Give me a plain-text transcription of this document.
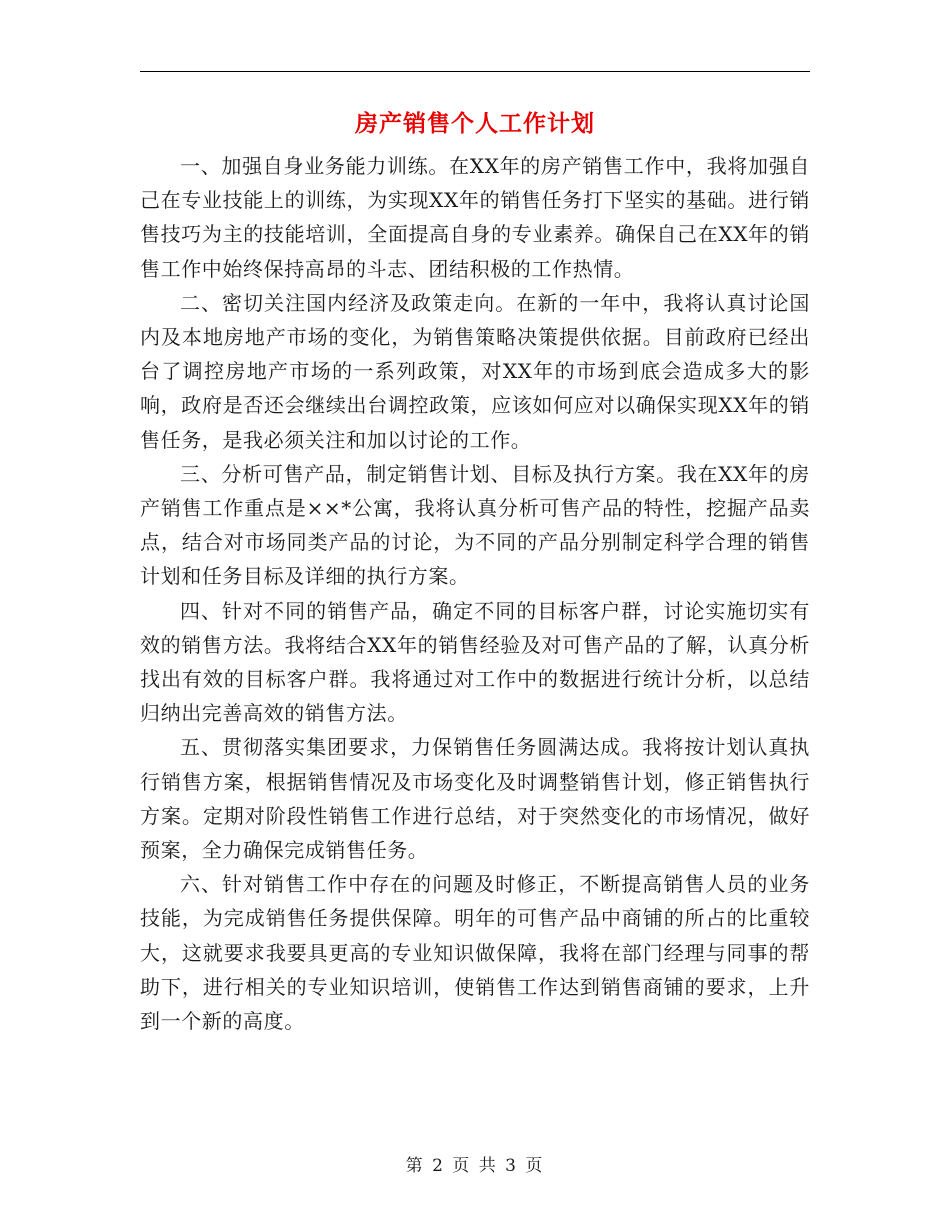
房产销售个人工作计划

一、加强自身业务能力训练。在XX年的房产销售工作中，我将加强自己在专业技能上的训练，为实现XX年的销售任务打下坚实的基础。进行销售技巧为主的技能培训，全面提高自身的专业素养。确保自己在XX年的销售工作中始终保持高昂的斗志、团结积极的工作热情。

二、密切关注国内经济及政策走向。在新的一年中，我将认真讨论国内及本地房地产市场的变化，为销售策略决策提供依据。目前政府已经出台了调控房地产市场的一系列政策，对XX年的市场到底会造成多大的影响，政府是否还会继续出台调控政策，应该如何应对以确保实现XX年的销售任务，是我必须关注和加以讨论的工作。

三、分析可售产品，制定销售计划、目标及执行方案。我在XX年的房产销售工作重点是××*公寓，我将认真分析可售产品的特性，挖掘产品卖点，结合对市场同类产品的讨论，为不同的产品分别制定科学合理的销售计划和任务目标及详细的执行方案。

四、针对不同的销售产品，确定不同的目标客户群，讨论实施切实有效的销售方法。我将结合XX年的销售经验及对可售产品的了解，认真分析找出有效的目标客户群。我将通过对工作中的数据进行统计分析，以总结归纳出完善高效的销售方法。

五、贯彻落实集团要求，力保销售任务圆满达成。我将按计划认真执行销售方案，根据销售情况及市场变化及时调整销售计划，修正销售执行方案。定期对阶段性销售工作进行总结，对于突然变化的市场情况，做好预案，全力确保完成销售任务。

六、针对销售工作中存在的问题及时修正，不断提高销售人员的业务技能，为完成销售任务提供保障。明年的可售产品中商铺的所占的比重较大，这就要求我要具更高的专业知识做保障，我将在部门经理与同事的帮助下，进行相关的专业知识培训，使销售工作达到销售商铺的要求，上升到一个新的高度。

第 2 页 共 3 页
